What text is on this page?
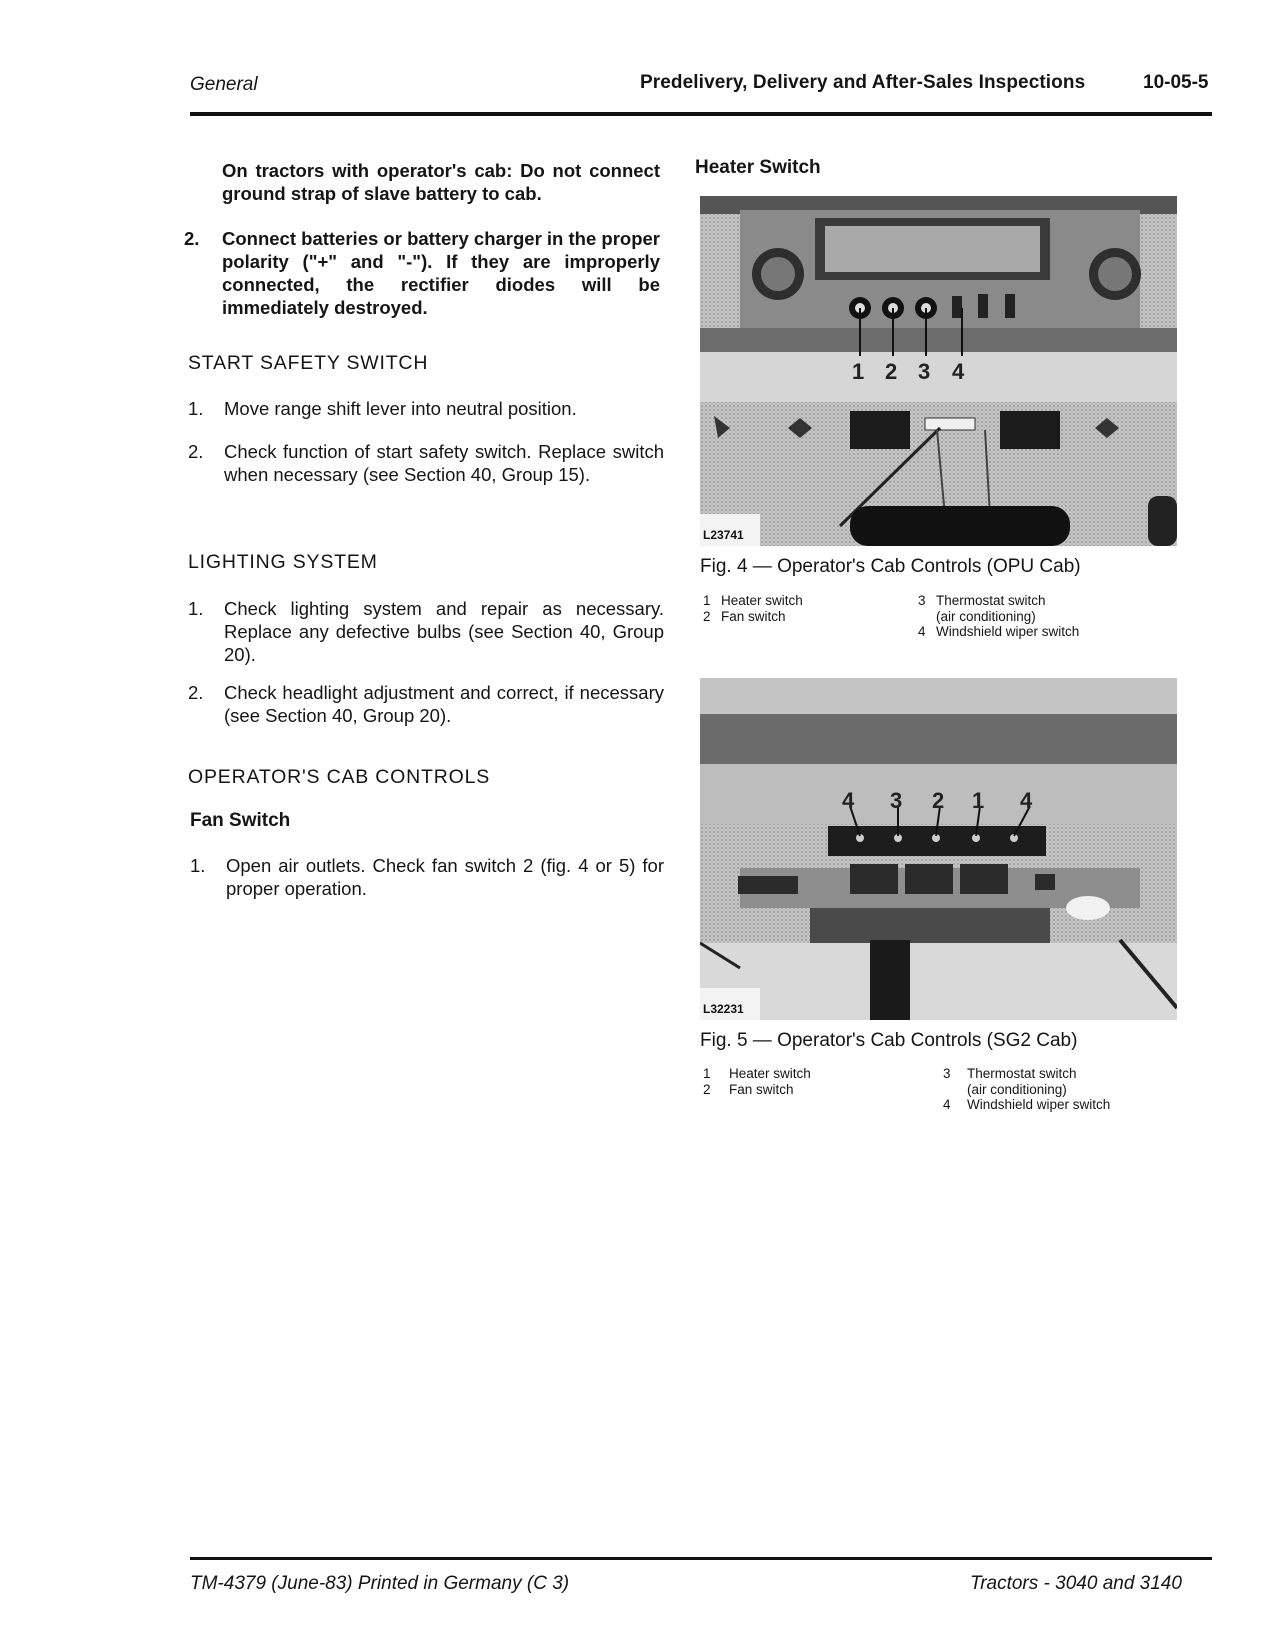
General	Predelivery, Delivery and After-Sales Inspections	10-05-5
On tractors with operator's cab: Do not connect ground strap of slave battery to cab.
2. Connect batteries or battery charger in the proper polarity ("+" and "-"). If they are improperly connected, the rectifier diodes will be immediately destroyed.
START SAFETY SWITCH
1. Move range shift lever into neutral position.
2. Check function of start safety switch. Replace switch when necessary (see Section 40, Group 15).
LIGHTING SYSTEM
1. Check lighting system and repair as necessary. Replace any defective bulbs (see Section 40, Group 20).
2. Check headlight adjustment and correct, if necessary (see Section 40, Group 20).
OPERATOR'S CAB CONTROLS
Fan Switch
1. Open air outlets. Check fan switch 2 (fig. 4 or 5) for proper operation.
Heater Switch
1 2 3 4
L23741
Fig. 4 — Operator's Cab Controls (OPU Cab)
1 Heater switch
2 Fan switch
3 Thermostat switch
(air conditioning)
4 Windshield wiper switch
4 3 2 1 4
L32231
Fig. 5 — Operator's Cab Controls (SG2 Cab)
1 Heater switch
2 Fan switch
3 Thermostat switch
(air conditioning)
4 Windshield wiper switch
TM-4379 (June-83) Printed in Germany (C 3)	Tractors - 3040 and 3140
